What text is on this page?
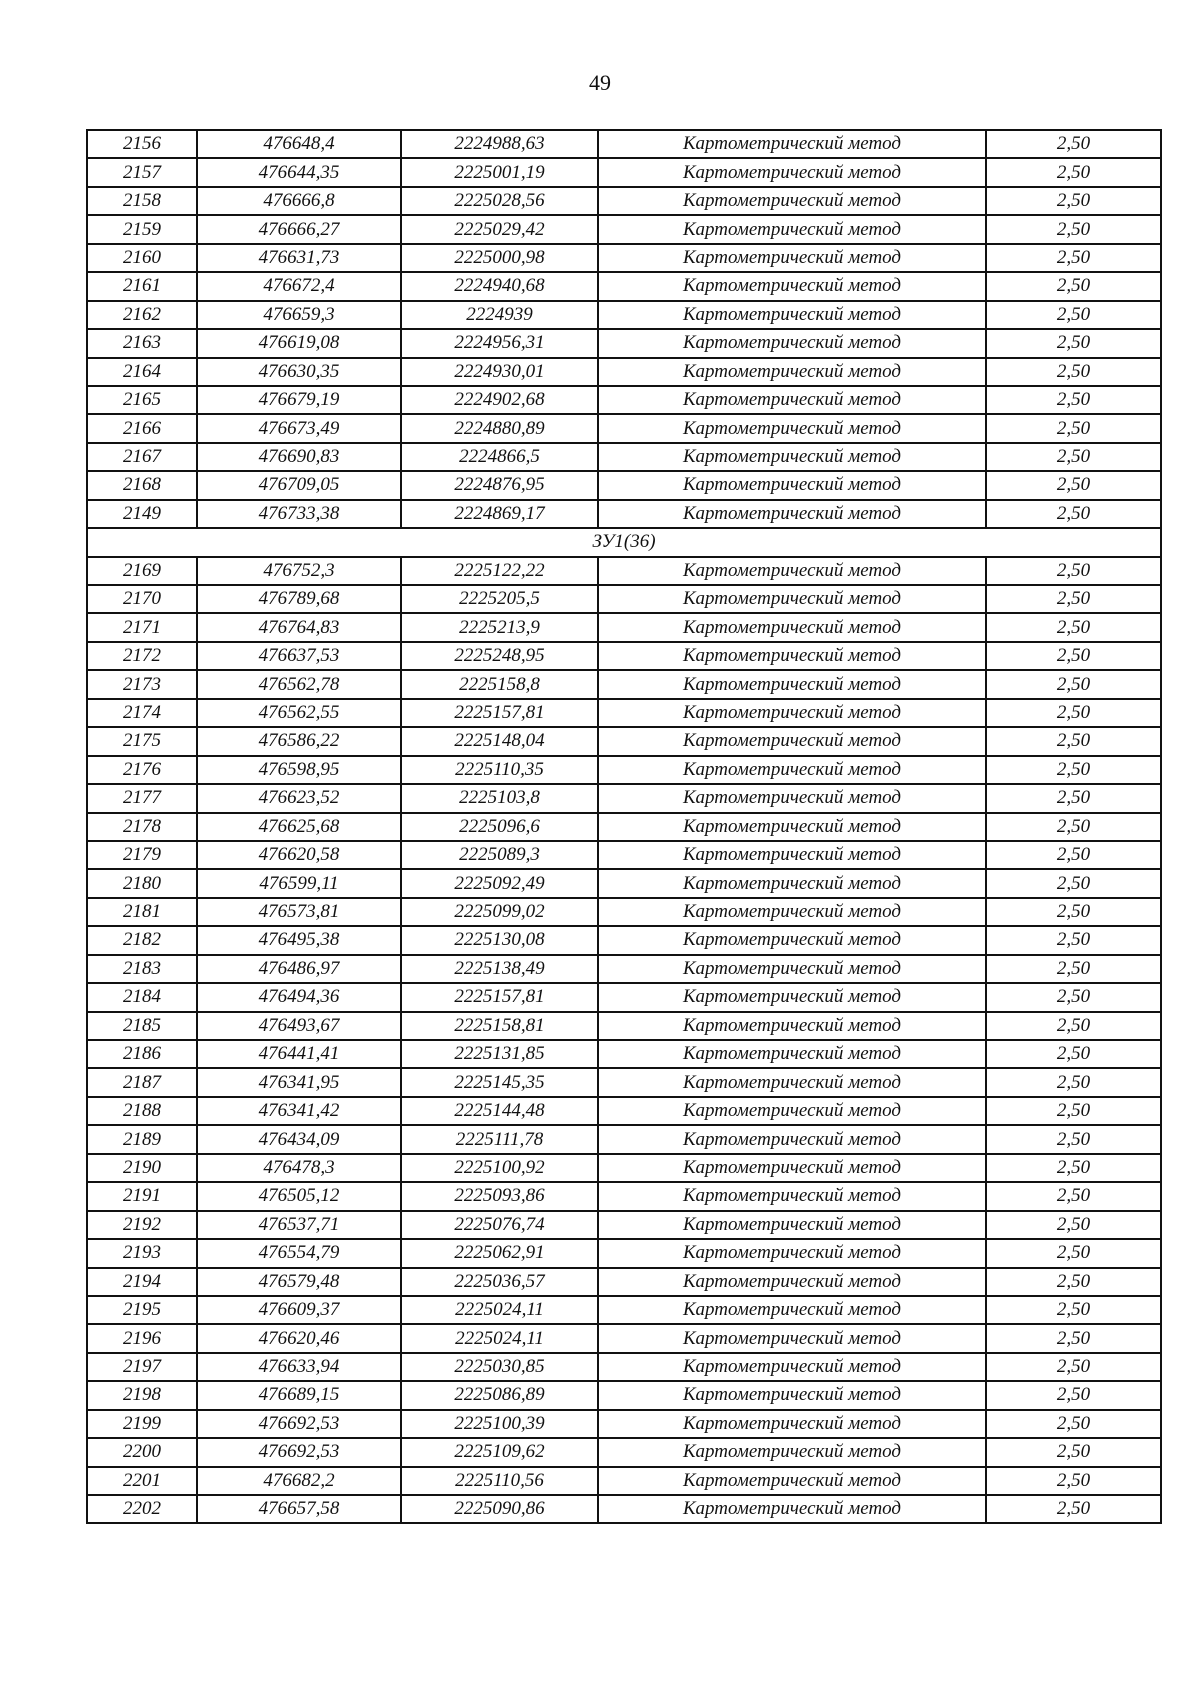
49
2156	476648,4	2224988,63	Картометрический метод	2,50
2157	476644,35	2225001,19	Картометрический метод	2,50
2158	476666,8	2225028,56	Картометрический метод	2,50
2159	476666,27	2225029,42	Картометрический метод	2,50
2160	476631,73	2225000,98	Картометрический метод	2,50
2161	476672,4	2224940,68	Картометрический метод	2,50
2162	476659,3	2224939	Картометрический метод	2,50
2163	476619,08	2224956,31	Картометрический метод	2,50
2164	476630,35	2224930,01	Картометрический метод	2,50
2165	476679,19	2224902,68	Картометрический метод	2,50
2166	476673,49	2224880,89	Картометрический метод	2,50
2167	476690,83	2224866,5	Картометрический метод	2,50
2168	476709,05	2224876,95	Картометрический метод	2,50
2149	476733,38	2224869,17	Картометрический метод	2,50
ЗУ1(36)				
2169	476752,3	2225122,22	Картометрический метод	2,50
2170	476789,68	2225205,5	Картометрический метод	2,50
2171	476764,83	2225213,9	Картометрический метод	2,50
2172	476637,53	2225248,95	Картометрический метод	2,50
2173	476562,78	2225158,8	Картометрический метод	2,50
2174	476562,55	2225157,81	Картометрический метод	2,50
2175	476586,22	2225148,04	Картометрический метод	2,50
2176	476598,95	2225110,35	Картометрический метод	2,50
2177	476623,52	2225103,8	Картометрический метод	2,50
2178	476625,68	2225096,6	Картометрический метод	2,50
2179	476620,58	2225089,3	Картометрический метод	2,50
2180	476599,11	2225092,49	Картометрический метод	2,50
2181	476573,81	2225099,02	Картометрический метод	2,50
2182	476495,38	2225130,08	Картометрический метод	2,50
2183	476486,97	2225138,49	Картометрический метод	2,50
2184	476494,36	2225157,81	Картометрический метод	2,50
2185	476493,67	2225158,81	Картометрический метод	2,50
2186	476441,41	2225131,85	Картометрический метод	2,50
2187	476341,95	2225145,35	Картометрический метод	2,50
2188	476341,42	2225144,48	Картометрический метод	2,50
2189	476434,09	2225111,78	Картометрический метод	2,50
2190	476478,3	2225100,92	Картометрический метод	2,50
2191	476505,12	2225093,86	Картометрический метод	2,50
2192	476537,71	2225076,74	Картометрический метод	2,50
2193	476554,79	2225062,91	Картометрический метод	2,50
2194	476579,48	2225036,57	Картометрический метод	2,50
2195	476609,37	2225024,11	Картометрический метод	2,50
2196	476620,46	2225024,11	Картометрический метод	2,50
2197	476633,94	2225030,85	Картометрический метод	2,50
2198	476689,15	2225086,89	Картометрический метод	2,50
2199	476692,53	2225100,39	Картометрический метод	2,50
2200	476692,53	2225109,62	Картометрический метод	2,50
2201	476682,2	2225110,56	Картометрический метод	2,50
2202	476657,58	2225090,86	Картометрический метод	2,50
